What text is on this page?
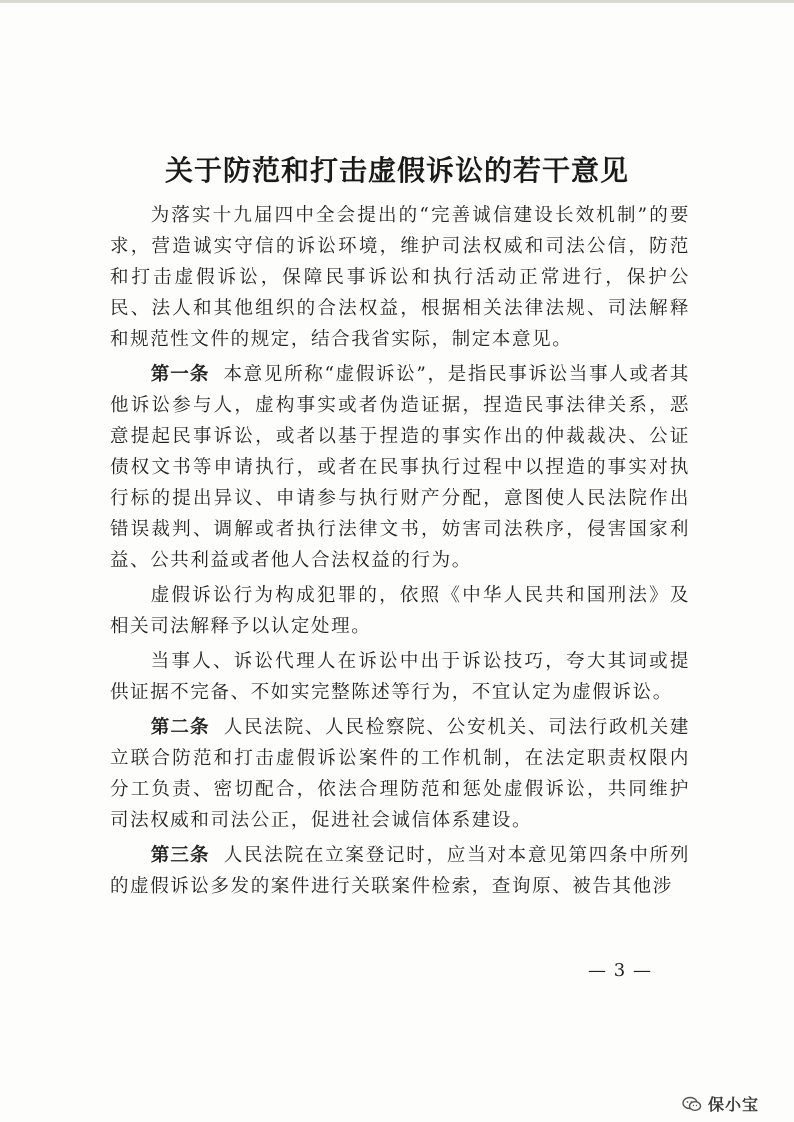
关于防范和打击虚假诉讼的若干意见

为落实十九届四中全会提出的“完善诚信建设长效机制”的要求，营造诚实守信的诉讼环境，维护司法权威和司法公信，防范和打击虚假诉讼，保障民事诉讼和执行活动正常进行，保护公民、法人和其他组织的合法权益，根据相关法律法规、司法解释和规范性文件的规定，结合我省实际，制定本意见。

第一条 本意见所称“虚假诉讼”，是指民事诉讼当事人或者其他诉讼参与人，虚构事实或者伪造证据，捏造民事法律关系，恶意提起民事诉讼，或者以基于捏造的事实作出的仲裁裁决、公证债权文书等申请执行，或者在民事执行过程中以捏造的事实对执行标的提出异议、申请参与执行财产分配，意图使人民法院作出错误裁判、调解或者执行法律文书，妨害司法秩序，侵害国家利益、公共利益或者他人合法权益的行为。

虚假诉讼行为构成犯罪的，依照《中华人民共和国刑法》及相关司法解释予以认定处理。

当事人、诉讼代理人在诉讼中出于诉讼技巧，夸大其词或提供证据不完备、不如实完整陈述等行为，不宜认定为虚假诉讼。

第二条 人民法院、人民检察院、公安机关、司法行政机关建立联合防范和打击虚假诉讼案件的工作机制，在法定职责权限内分工负责、密切配合，依法合理防范和惩处虚假诉讼，共同维护司法权威和司法公正，促进社会诚信体系建设。

第三条 人民法院在立案登记时，应当对本意见第四条中所列的虚假诉讼多发的案件进行关联案件检索，查询原、被告其他涉

— 3 —
保小宝
